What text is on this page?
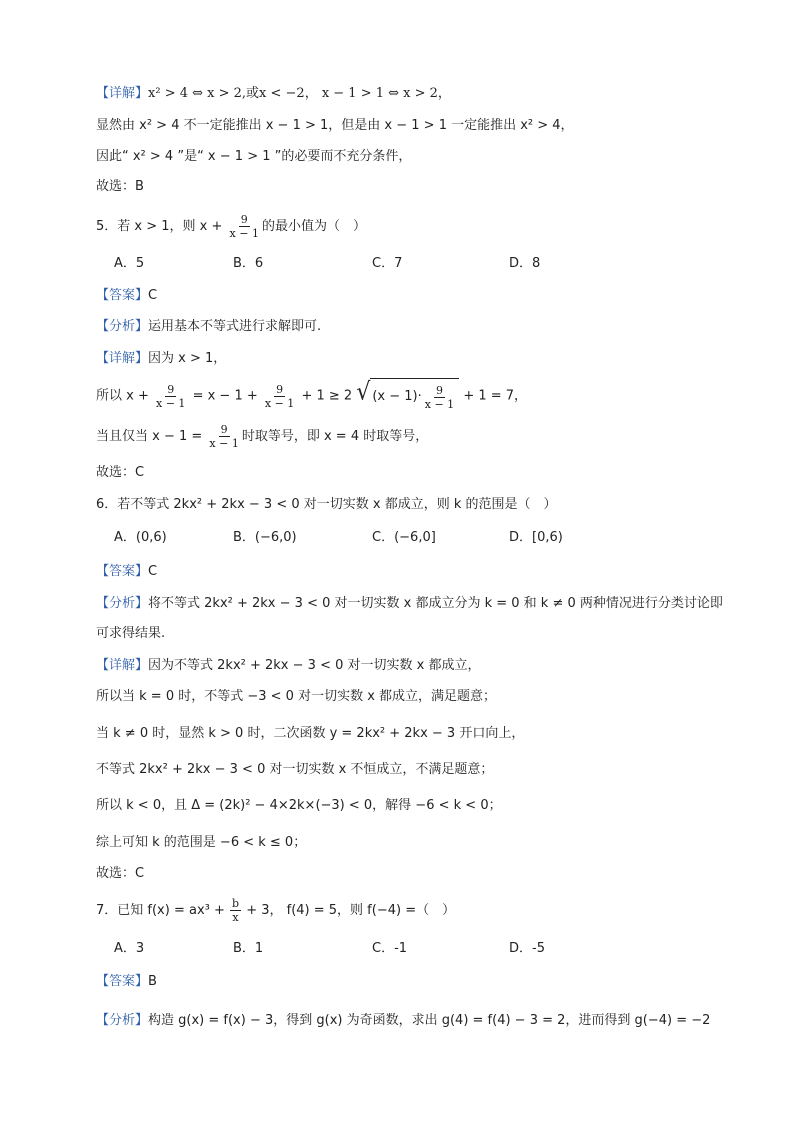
【详解】x² > 4 ⇔ x > 2,或x < −2， x − 1 > 1 ⇔ x > 2，
显然由 x² > 4 不一定能推出 x − 1 > 1，但是由 x − 1 > 1 一定能推出 x² > 4，
因此“ x² > 4 ”是“ x − 1 > 1 ”的必要而不充分条件，
故选：B
5．若 x > 1，则 $x + \frac{9}{x - 1}$ 的最小值为（　）
A．5	B．6	C．7	D．8
【答案】C
【分析】运用基本不等式进行求解即可.
【详解】因为 x > 1，
所以 $x + \frac{9}{x - 1} = x - 1 + \frac{9}{x - 1} + 1 \ge 2$ √ $(x - 1)\cdot \frac{9}{x - 1} + 1 = 7$，
当且仅当 $x - 1 = \frac{9}{x - 1}$ 时取等号，即 x = 4 时取等号，
故选：C
6．若不等式 2kx² + 2kx − 3 < 0 对一切实数 x 都成立，则 k 的范围是（　）
A．(0,6)	B．(−6,0)	C．(−6,0]	D．[0,6)
【答案】C
【分析】将不等式 2kx² + 2kx − 3 < 0 对一切实数 x 都成立分为 k = 0 和 k ≠ 0 两种情况进行分类讨论即
可求得结果.
【详解】因为不等式 2kx² + 2kx − 3 < 0 对一切实数 x 都成立，
所以当 k = 0 时，不等式 −3 < 0 对一切实数 x 都成立，满足题意；
当 k ≠ 0 时，显然 k > 0 时，二次函数 y = 2kx² + 2kx − 3 开口向上，
不等式 2kx² + 2kx − 3 < 0 对一切实数 x 不恒成立，不满足题意；
所以 k < 0，且 Δ = (2k)² − 4×2k×(−3) < 0，解得 −6 < k < 0；
综上可知 k 的范围是 −6 < k ≤ 0；
故选：C
7．已知 $f(x) = ax^3 + \frac{b}{x} + 3$， f(4) = 5，则 f(−4) =（　）
A．3	B．1	C．-1	D．-5
【答案】B
【分析】构造 g(x) = f(x) − 3，得到 g(x) 为奇函数，求出 g(4) = f(4) − 3 = 2，进而得到 g(−4) = −2
